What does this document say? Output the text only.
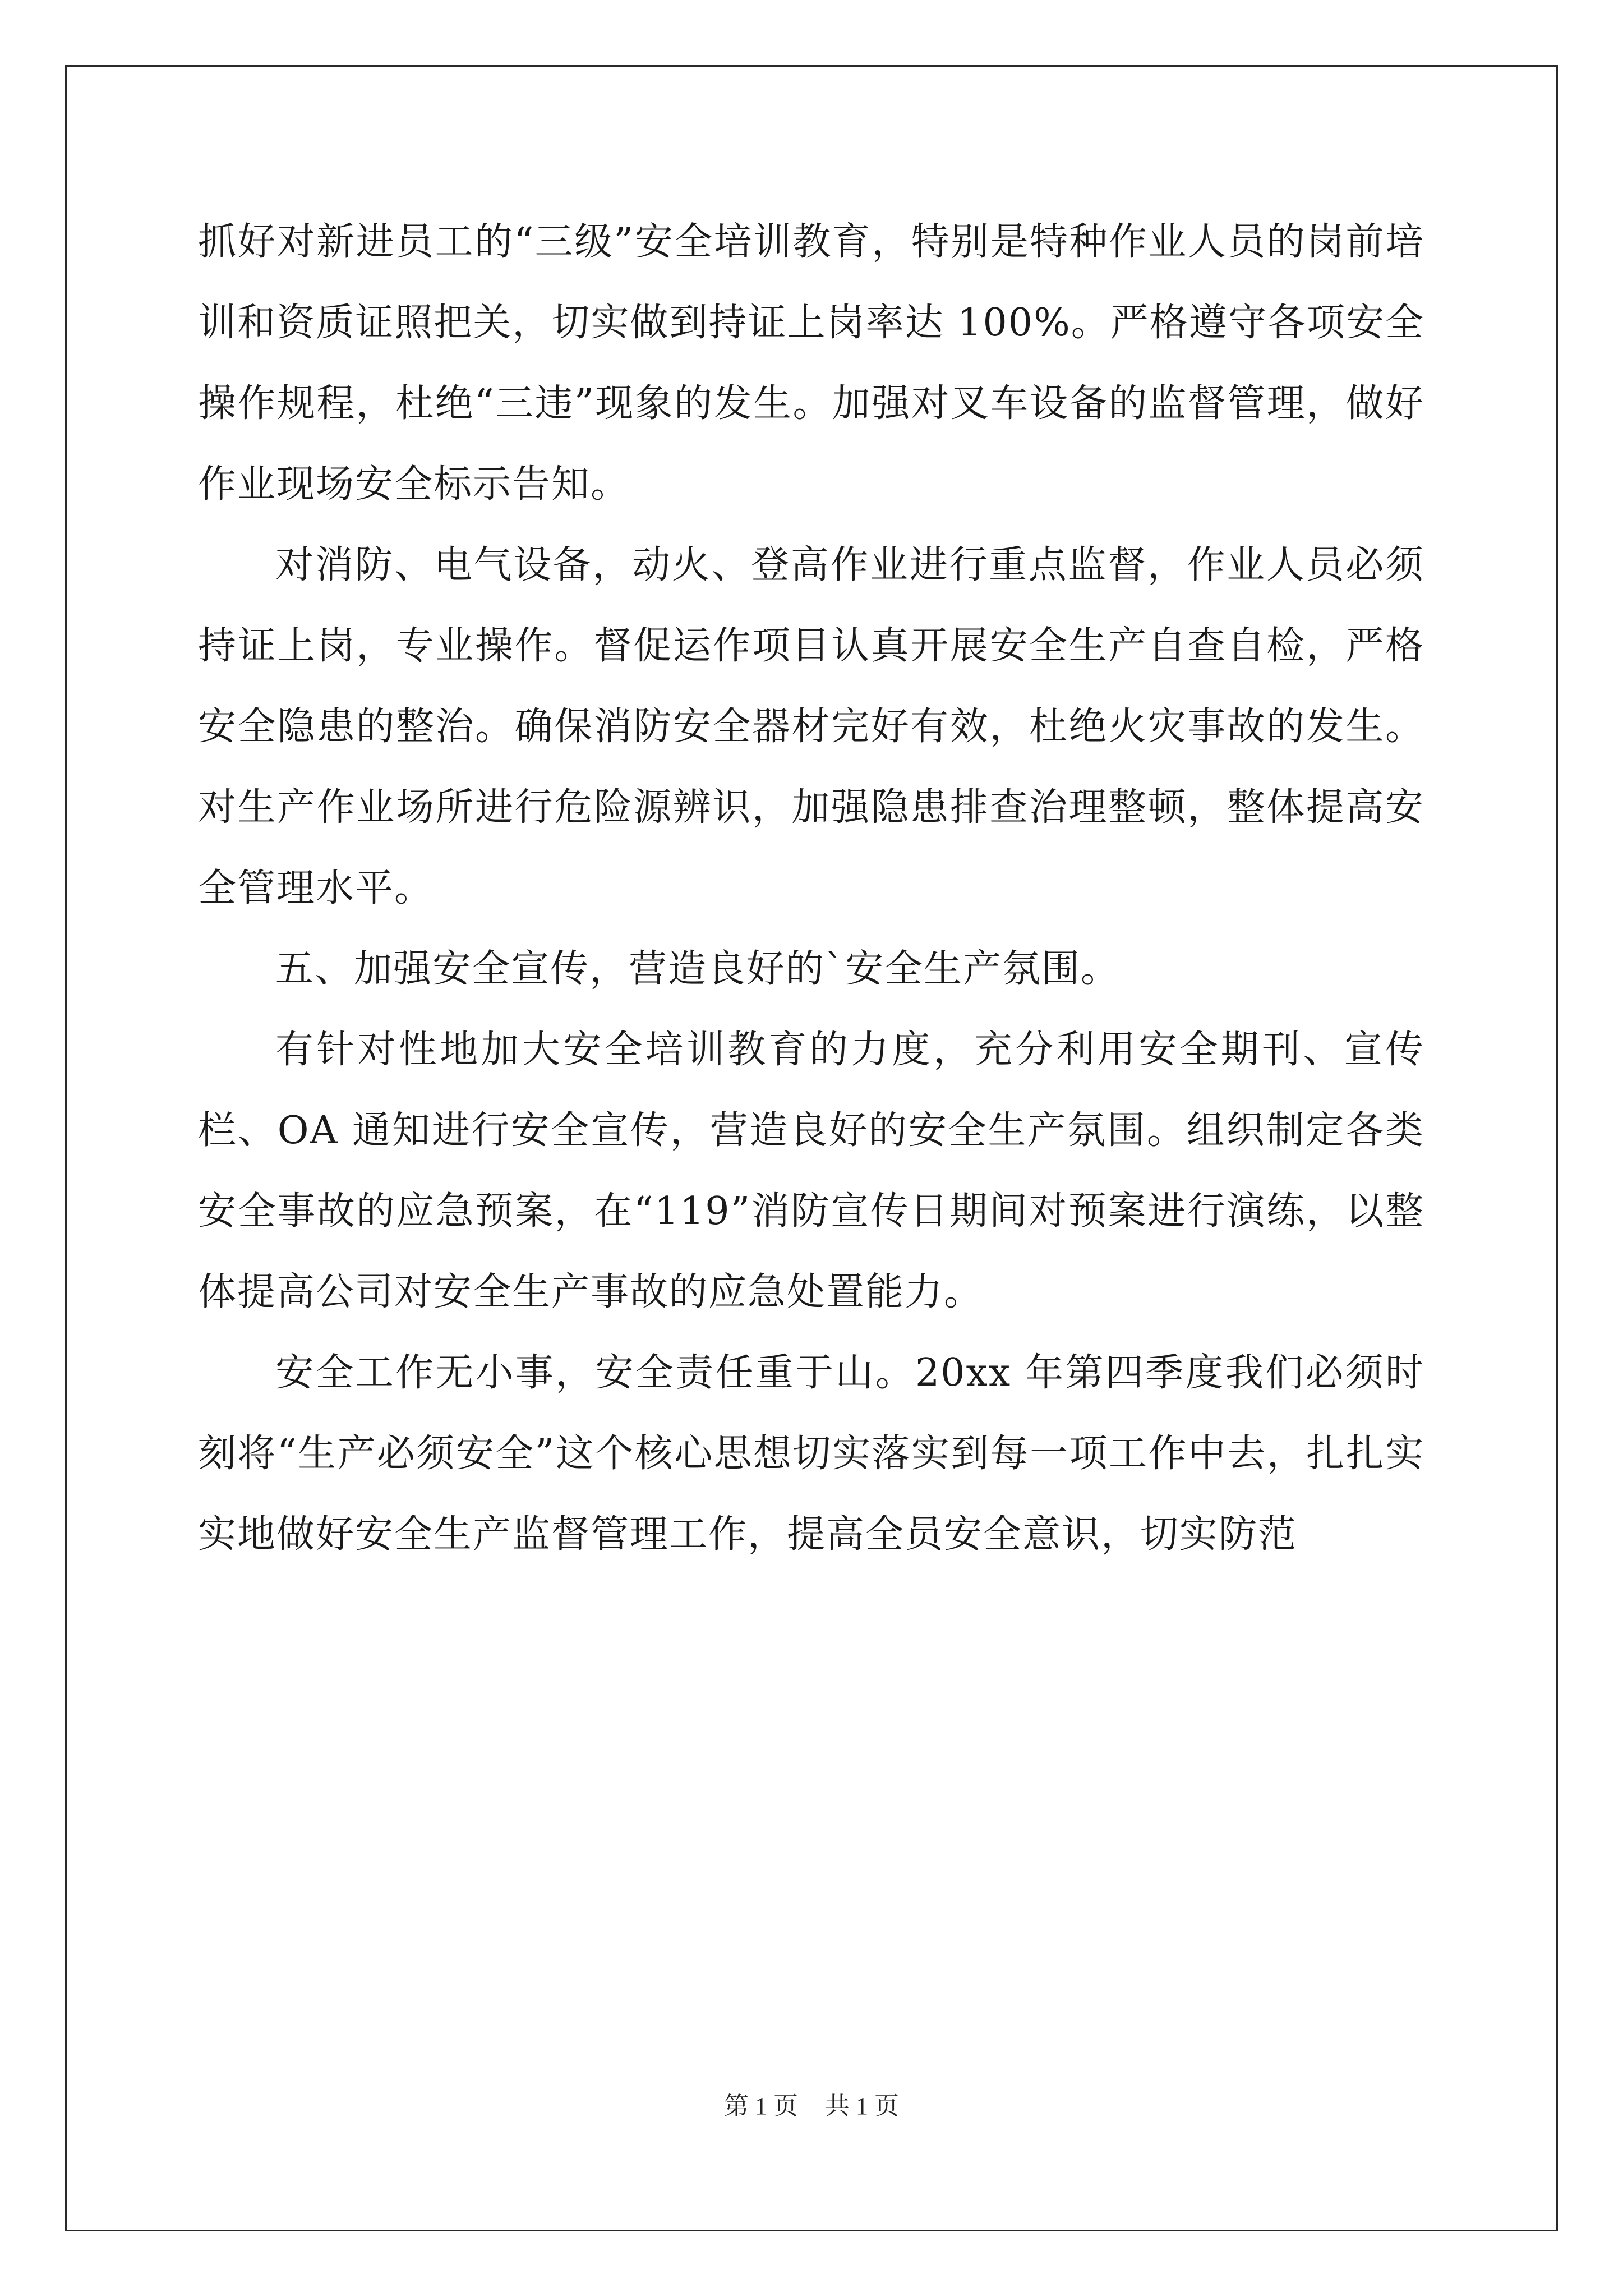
抓好对新进员工的“三级”安全培训教育，特别是特种作业人员的岗前培训和资质证照把关，切实做到持证上岗率达 100%。严格遵守各项安全操作规程，杜绝“三违”现象的发生。加强对叉车设备的监督管理，做好作业现场安全标示告知。

对消防、电气设备，动火、登高作业进行重点监督，作业人员必须持证上岗，专业操作。督促运作项目认真开展安全生产自查自检，严格安全隐患的整治。确保消防安全器材完好有效，杜绝火灾事故的发生。对生产作业场所进行危险源辨识，加强隐患排查治理整顿，整体提高安全管理水平。

五、加强安全宣传，营造良好的`安全生产氛围。

有针对性地加大安全培训教育的力度，充分利用安全期刊、宣传栏、OA 通知进行安全宣传，营造良好的安全生产氛围。组织制定各类安全事故的应急预案，在“119”消防宣传日期间对预案进行演练，以整体提高公司对安全生产事故的应急处置能力。

安全工作无小事，安全责任重于山。20xx 年第四季度我们必须时刻将“生产必须安全”这个核心思想切实落实到每一项工作中去，扎扎实实地做好安全生产监督管理工作，提高全员安全意识，切实防范

第 1 页 共 1 页
